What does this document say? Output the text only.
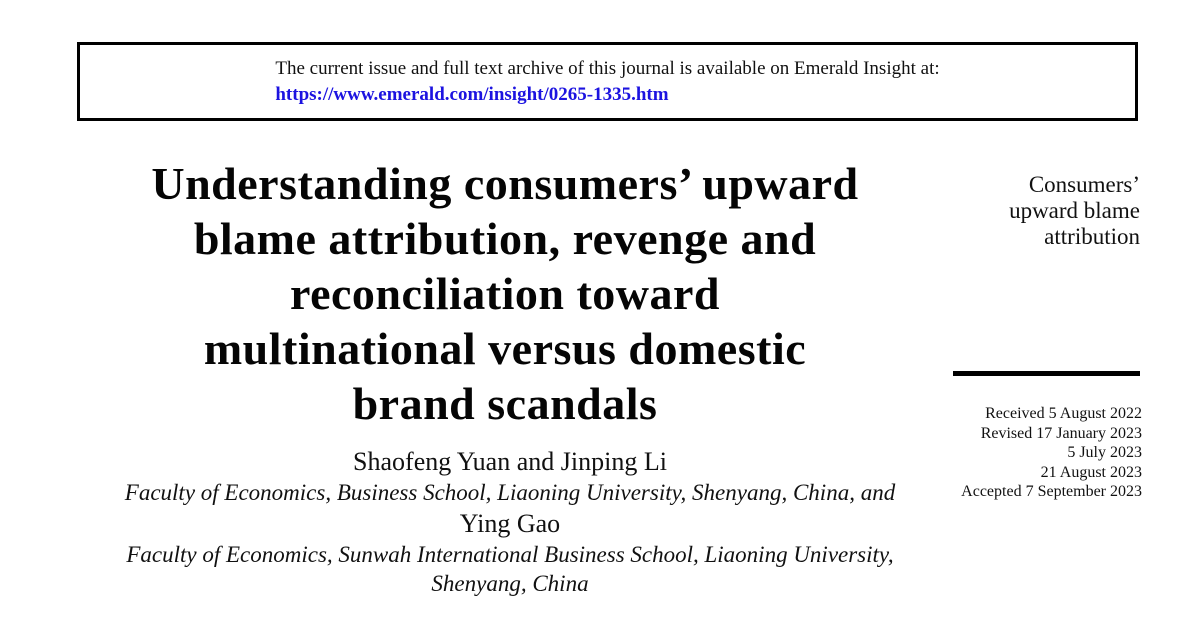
The current issue and full text archive of this journal is available on Emerald Insight at:
https://www.emerald.com/insight/0265-1335.htm
Understanding consumers’ upward
blame attribution, revenge and
reconciliation toward
multinational versus domestic
brand scandals
Shaofeng Yuan and Jinping Li
Faculty of Economics, Business School, Liaoning University, Shenyang, China, and
Ying Gao
Faculty of Economics, Sunwah International Business School, Liaoning University,
Shenyang, China
Consumers’
upward blame
attribution
Received 5 August 2022
Revised 17 January 2023
5 July 2023
21 August 2023
Accepted 7 September 2023
